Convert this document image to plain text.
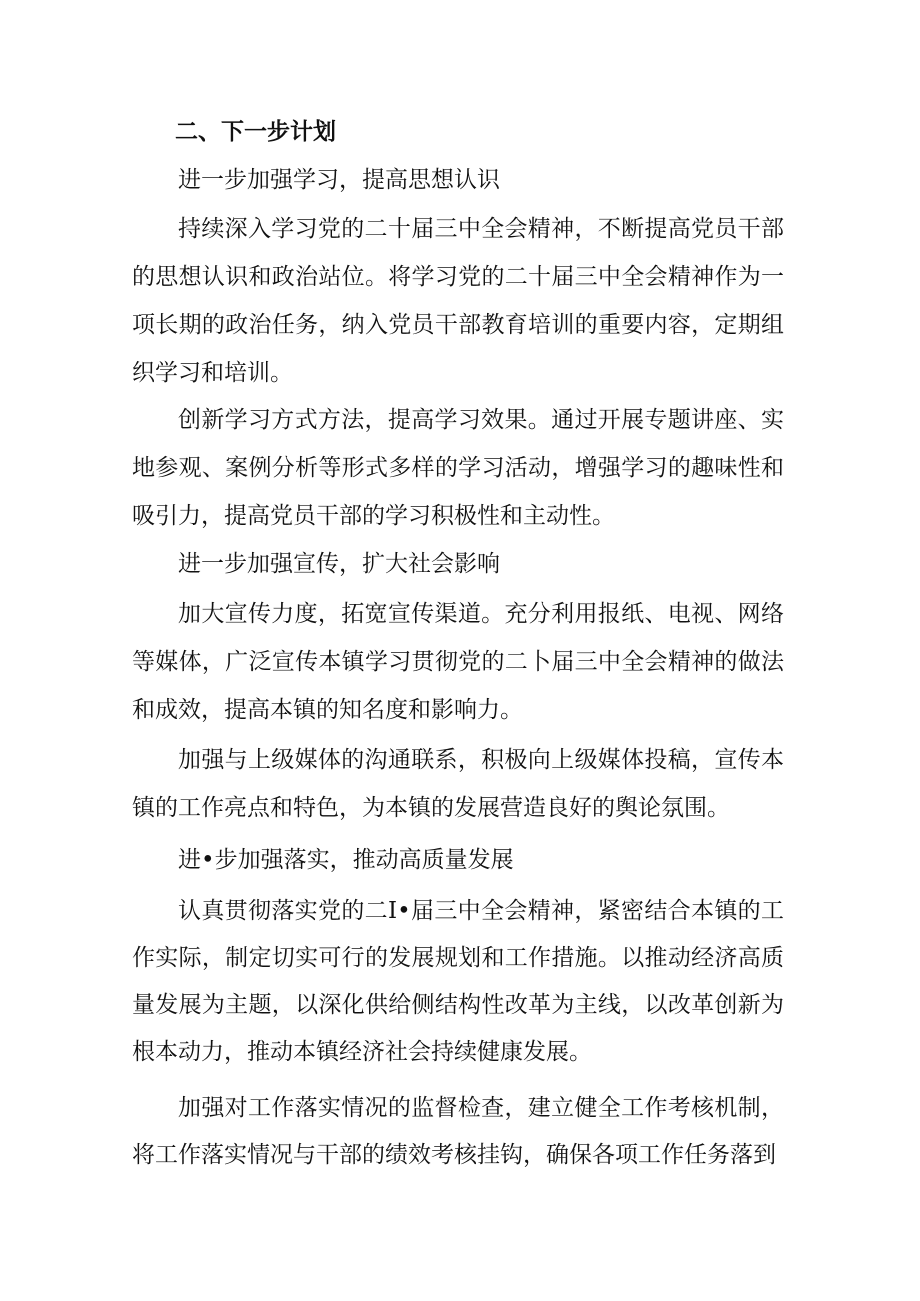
二、下一步计划

进一步加强学习，提高思想认识

持续深入学习党的二十届三中全会精神，不断提高党员干部的思想认识和政治站位。将学习党的二十届三中全会精神作为一项长期的政治任务，纳入党员干部教育培训的重要内容，定期组织学习和培训。

创新学习方式方法，提高学习效果。通过开展专题讲座、实地参观、案例分析等形式多样的学习活动，增强学习的趣味性和吸引力，提高党员干部的学习积极性和主动性。

进一步加强宣传，扩大社会影响

加大宣传力度，拓宽宣传渠道。充分利用报纸、电视、网络等媒体，广泛宣传本镇学习贯彻党的二卜届三中全会精神的做法和成效，提高本镇的知名度和影响力。

加强与上级媒体的沟通联系，积极向上级媒体投稿，宣传本镇的工作亮点和特色，为本镇的发展营造良好的舆论氛围。

进•步加强落实，推动高质量发展

认真贯彻落实党的二I•届三中全会精神，紧密结合本镇的工作实际，制定切实可行的发展规划和工作措施。以推动经济高质量发展为主题，以深化供给侧结构性改革为主线，以改革创新为根本动力，推动本镇经济社会持续健康发展。

加强对工作落实情况的监督检查，建立健全工作考核机制，将工作落实情况与干部的绩效考核挂钩，确保各项工作任务落到
